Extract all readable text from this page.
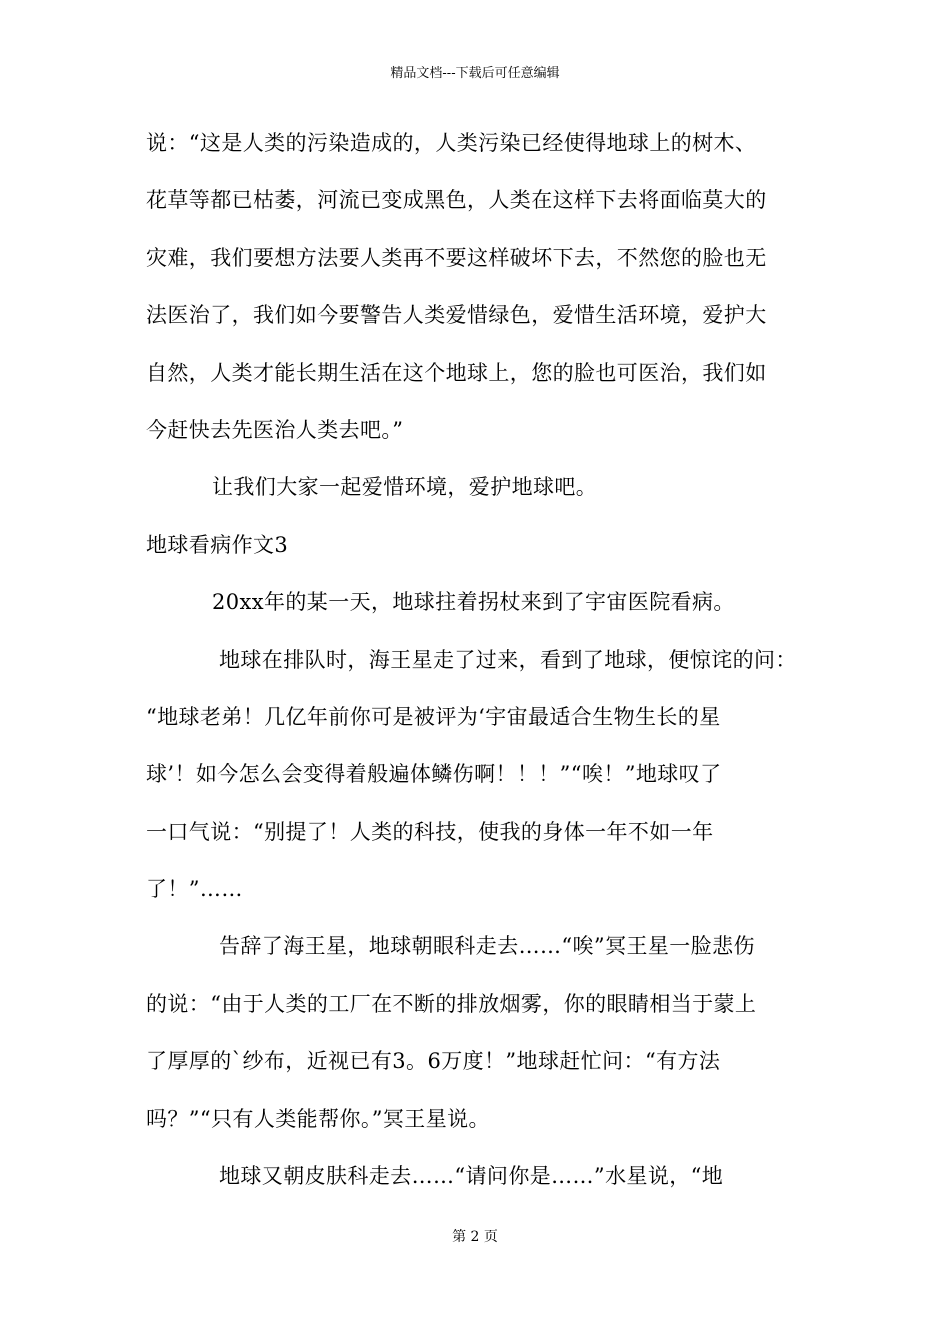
精品文档---下载后可任意编辑
说：“这是人类的污染造成的，人类污染已经使得地球上的树木、
花草等都已枯萎，河流已变成黑色，人类在这样下去将面临莫大的
灾难，我们要想方法要人类再不要这样破坏下去，不然您的脸也无
法医治了，我们如今要警告人类爱惜绿色，爱惜生活环境，爱护大
自然，人类才能长期生活在这个地球上，您的脸也可医治，我们如
今赶快去先医治人类去吧。”
让我们大家一起爱惜环境，爱护地球吧。
地球看病作文3
20xx年的某一天，地球拄着拐杖来到了宇宙医院看病。
地球在排队时，海王星走了过来，看到了地球，便惊诧的问：
“地球老弟！几亿年前你可是被评为‘宇宙最适合生物生长的星
球’！如今怎么会变得着般遍体鳞伤啊！！！”“唉！”地球叹了
一口气说：“别提了！人类的科技，使我的身体一年不如一年
了！”……
告辞了海王星，地球朝眼科走去……“唉”冥王星一脸悲伤
的说：“由于人类的工厂在不断的排放烟雾，你的眼睛相当于蒙上
了厚厚的`纱布，近视已有3。6万度！”地球赶忙问：“有方法
吗？”“只有人类能帮你。”冥王星说。
地球又朝皮肤科走去……“请问你是……”水星说，“地
第 2 页
